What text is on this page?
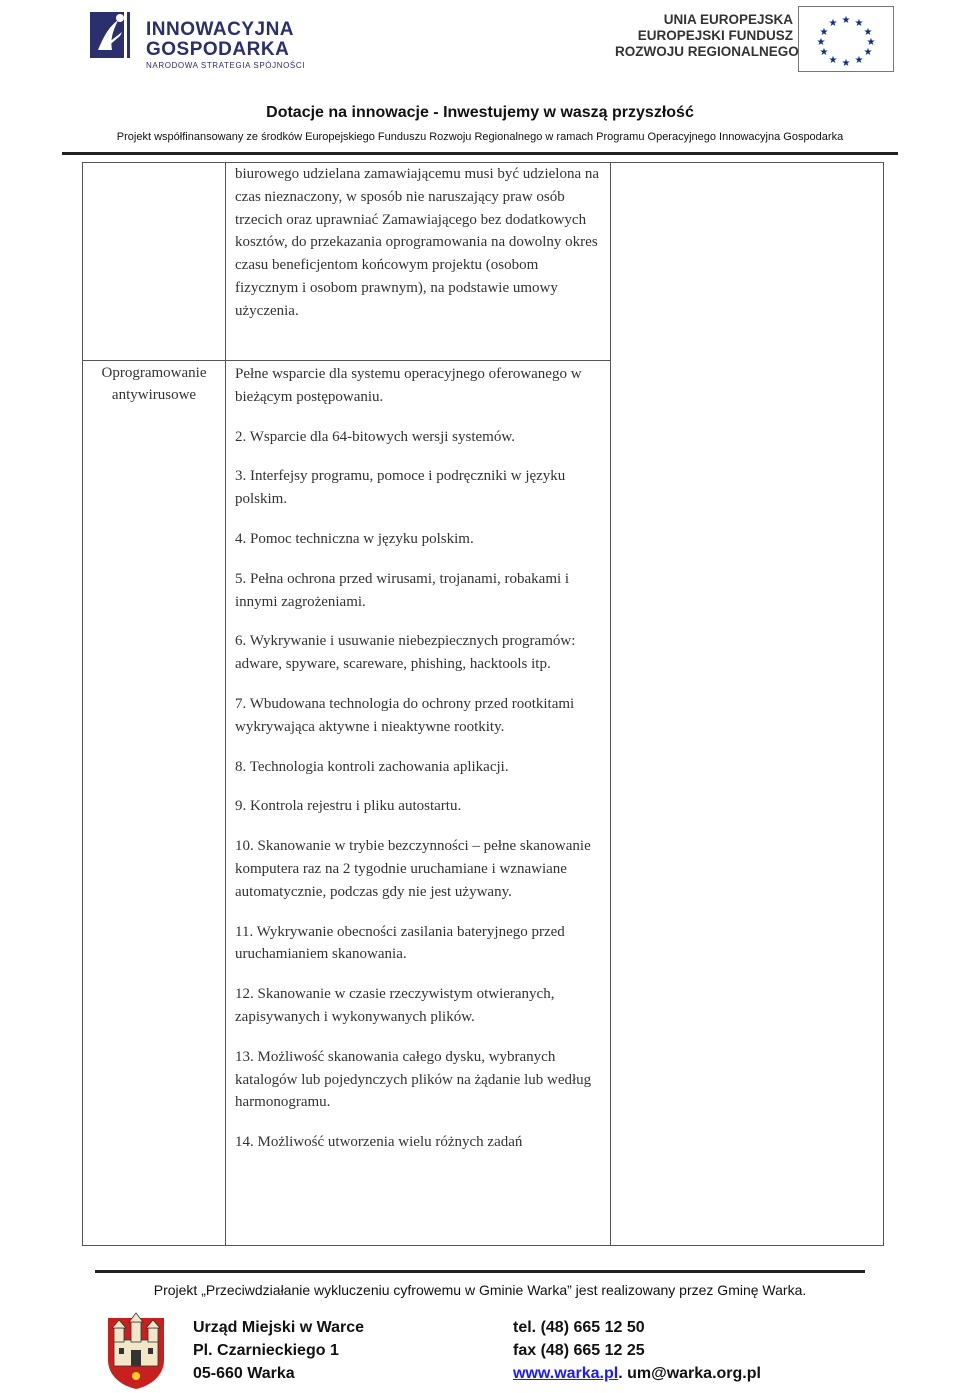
INNOWACYJNA
GOSPODARKA
NARODOWA STRATEGIA SPÓJNOŚCI
UNIA EUROPEJSKA
EUROPEJSKI FUNDUSZ
ROZWOJU REGIONALNEGO
★ ★
★
★
★
★
★
★
★
★
★
★
Dotacje na innowacje - Inwestujemy w waszą przyszłość
Projekt współfinansowany ze środków Europejskiego Funduszu Rozwoju Regionalnego w ramach Programu Operacyjnego Innowacyjna Gospodarka
biurowego udzielana zamawiającemu musi być udzielona na czas nieznaczony, w sposób nie naruszający praw osób trzecich oraz uprawniać Zamawiającego bez dodatkowych kosztów, do przekazania oprogramowania na dowolny okres czasu beneficjentom końcowym projektu (osobom fizycznym i osobom prawnym), na podstawie umowy użyczenia.
Oprogramowanie antywirusowe

Pełne wsparcie dla systemu operacyjnego oferowanego w bieżącym postępowaniu.

2. Wsparcie dla 64-bitowych wersji systemów.

3. Interfejsy programu, pomoce i podręczniki w języku polskim.

4. Pomoc techniczna w języku polskim.

5. Pełna ochrona przed wirusami, trojanami, robakami i innymi zagrożeniami.

6. Wykrywanie i usuwanie niebezpiecznych programów: adware, spyware, scareware, phishing, hacktools itp.

7. Wbudowana technologia do ochrony przed rootkitami wykrywająca aktywne i nieaktywne rootkity.

8. Technologia kontroli zachowania aplikacji.

9. Kontrola rejestru i pliku autostartu.

10. Skanowanie w trybie bezczynności – pełne skanowanie komputera raz na 2 tygodnie uruchamiane i wznawiane automatycznie, podczas gdy nie jest używany.

11. Wykrywanie obecności zasilania bateryjnego przed uruchamianiem skanowania.

12. Skanowanie w czasie rzeczywistym otwieranych, zapisywanych i wykonywanych plików.

13. Możliwość skanowania całego dysku, wybranych katalogów lub pojedynczych plików na żądanie lub według harmonogramu.

14. Możliwość utworzenia wielu różnych zadań

Projekt „Przeciwdziałanie wykluczeniu cyfrowemu w Gminie Warka” jest realizowany przez Gminę Warka.
Urząd Miejski w Warce
Pl. Czarnieckiego 1
05-660 Warka
tel. (48) 665 12 50
fax (48) 665 12 25
www.warka.pl. um@warka.org.pl
